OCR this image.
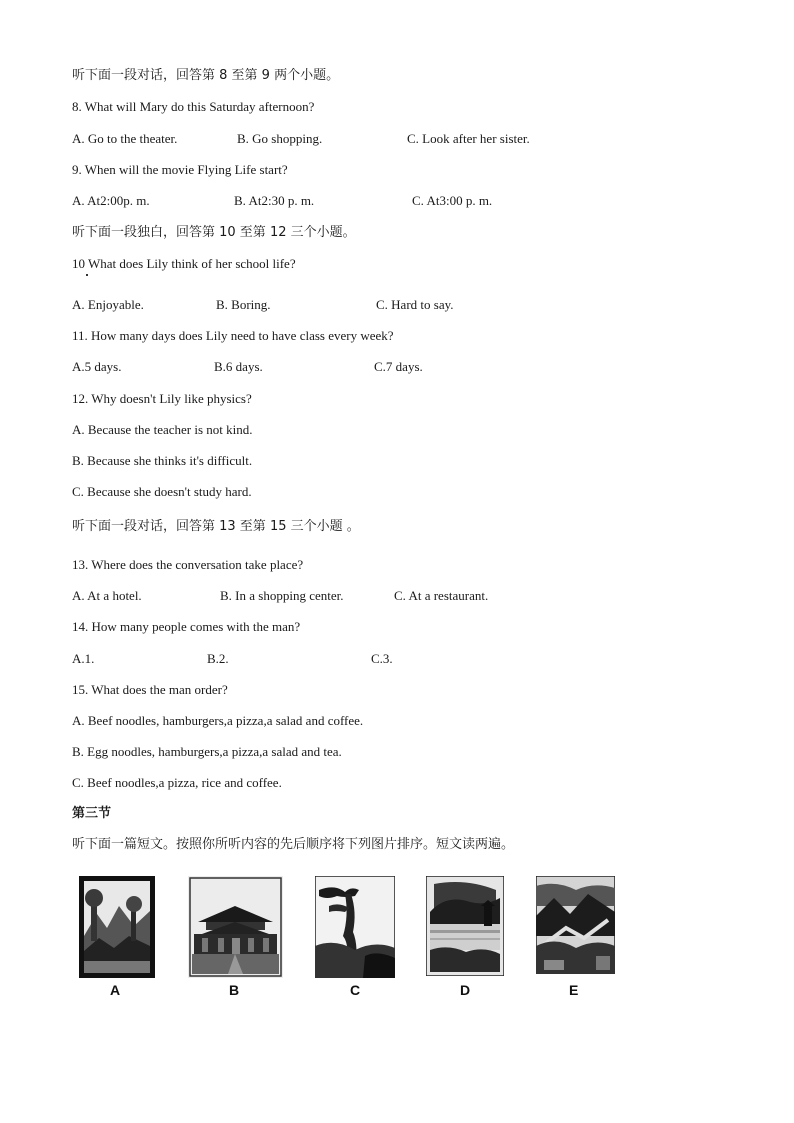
听下面一段对话，回答第 8 至第 9 两个小题。
8. What will Mary do this Saturday afternoon?
A. Go to the theater.	B. Go shopping.	C. Look after her sister.
9. When will the movie Flying Life start?
A. At2:00p. m.	B. At2:30 p. m.	C. At3:00 p. m.
听下面一段独白，回答第 10 至第 12 三个小题。
10 What does Lily think of her school life?
A. Enjoyable.	B. Boring.	C. Hard to say.
11. How many days does Lily need to have class every week?
A.5 days.	B.6 days.	C.7 days.
12. Why doesn't Lily like physics?
A. Because the teacher is not kind.
B. Because she thinks it's difficult.
C. Because she doesn't study hard.
听下面一段对话，回答第 13 至第 15 三个小题 。
13. Where does the conversation take place?
A. At a hotel.	B. In a shopping center.	C. At a restaurant.
14. How many people comes with the man?
A.1.	B.2.	C.3.
15. What does the man order?
A. Beef noodles, hamburgers,a pizza,a salad and coffee.
B. Egg noodles, hamburgers,a pizza,a salad and tea.
C. Beef noodles,a pizza, rice and coffee.
第三节
听下面一篇短文。按照你所听内容的先后顺序将下列图片排序。短文读两遍。
A	B	C	D	E
